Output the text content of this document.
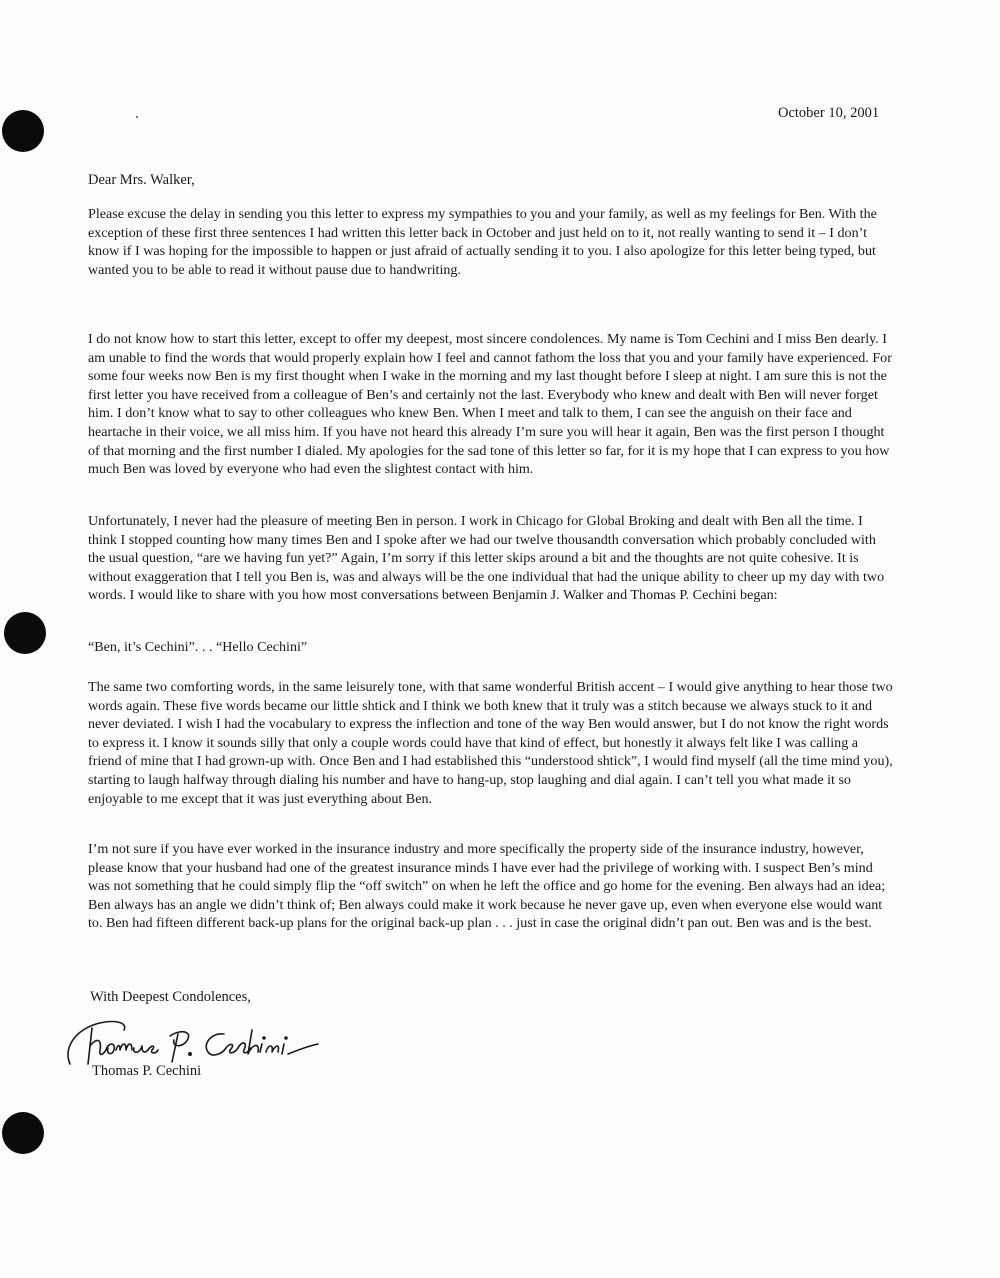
October 10, 2001
Dear Mrs. Walker,

Please excuse the delay in sending you this letter to express my sympathies to you and your family, as well as my feelings for Ben. With the exception of these first three sentences I had written this letter back in October and just held on to it, not really wanting to send it – I don’t know if I was hoping for the impossible to happen or just afraid of actually sending it to you. I also apologize for this letter being typed, but wanted you to be able to read it without pause due to handwriting.

I do not know how to start this letter, except to offer my deepest, most sincere condolences. My name is Tom Cechini and I miss Ben dearly. I am unable to find the words that would properly explain how I feel and cannot fathom the loss that you and your family have experienced. For some four weeks now Ben is my first thought when I wake in the morning and my last thought before I sleep at night. I am sure this is not the first letter you have received from a colleague of Ben’s and certainly not the last. Everybody who knew and dealt with Ben will never forget him. I don’t know what to say to other colleagues who knew Ben. When I meet and talk to them, I can see the anguish on their face and heartache in their voice, we all miss him. If you have not heard this already I’m sure you will hear it again, Ben was the first person I thought of that morning and the first number I dialed. My apologies for the sad tone of this letter so far, for it is my hope that I can express to you how much Ben was loved by everyone who had even the slightest contact with him.

Unfortunately, I never had the pleasure of meeting Ben in person. I work in Chicago for Global Broking and dealt with Ben all the time. I think I stopped counting how many times Ben and I spoke after we had our twelve thousandth conversation which probably concluded with the usual question, “are we having fun yet?” Again, I’m sorry if this letter skips around a bit and the thoughts are not quite cohesive. It is without exaggeration that I tell you Ben is, was and always will be the one individual that had the unique ability to cheer up my day with two words. I would like to share with you how most conversations between Benjamin J. Walker and Thomas P. Cechini began:

“Ben, it’s Cechini”. . . “Hello Cechini”

The same two comforting words, in the same leisurely tone, with that same wonderful British accent – I would give anything to hear those two words again. These five words became our little shtick and I think we both knew that it truly was a stitch because we always stuck to it and never deviated. I wish I had the vocabulary to express the inflection and tone of the way Ben would answer, but I do not know the right words to express it. I know it sounds silly that only a couple words could have that kind of effect, but honestly it always felt like I was calling a friend of mine that I had grown-up with. Once Ben and I had established this “understood shtick”, I would find myself (all the time mind you), starting to laugh halfway through dialing his number and have to hang-up, stop laughing and dial again. I can’t tell you what made it so enjoyable to me except that it was just everything about Ben.

I’m not sure if you have ever worked in the insurance industry and more specifically the property side of the insurance industry, however, please know that your husband had one of the greatest insurance minds I have ever had the privilege of working with. I suspect Ben’s mind was not something that he could simply flip the “off switch” on when he left the office and go home for the evening. Ben always had an idea; Ben always has an angle we didn’t think of; Ben always could make it work because he never gave up, even when everyone else would want to. Ben had fifteen different back-up plans for the original back-up plan . . . just in case the original didn’t pan out. Ben was and is the best.

With Deepest Condolences,
Thomas P. Cechini
